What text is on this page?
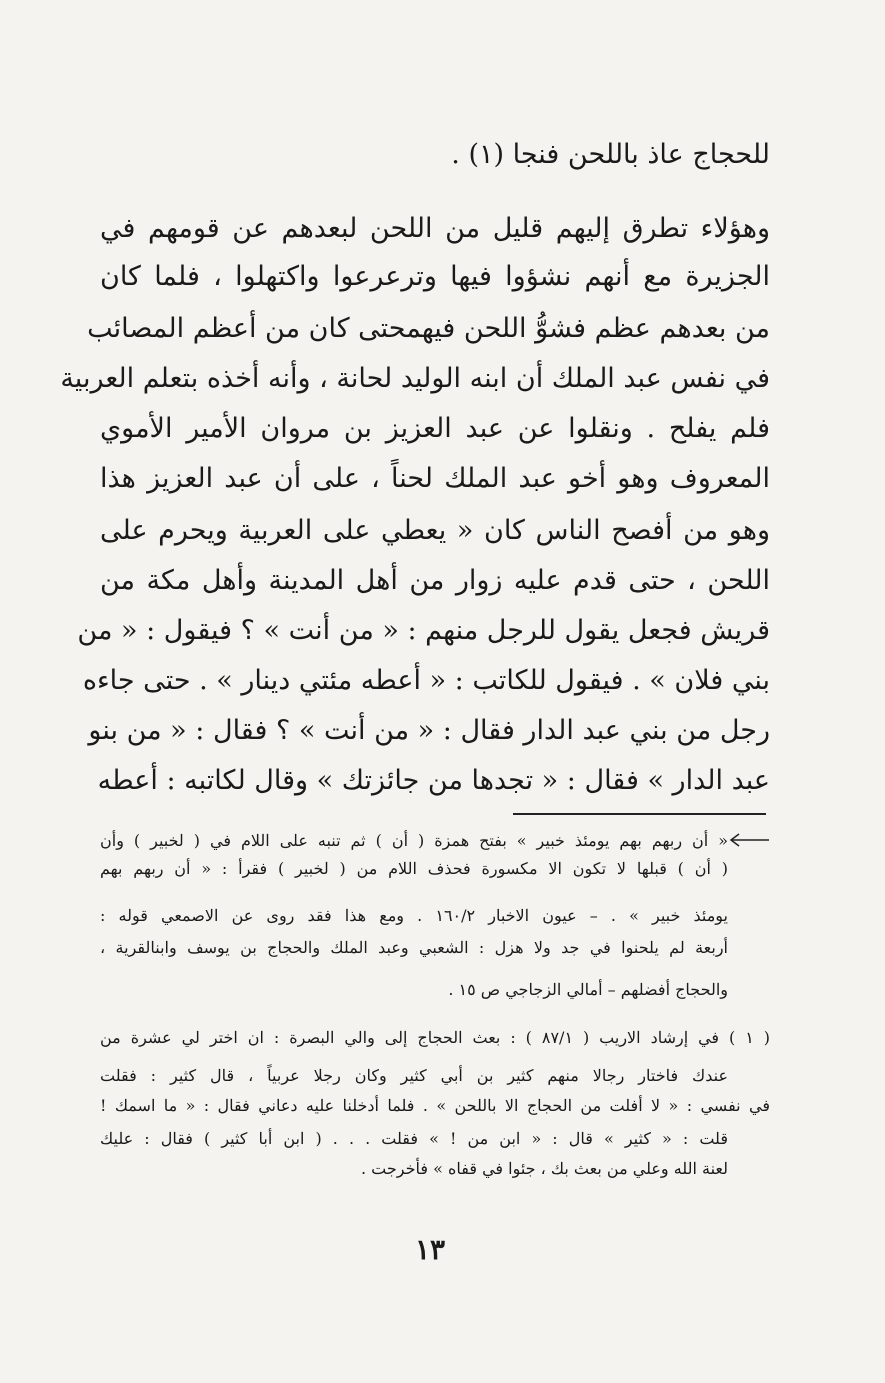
للحجاج عاذ باللحن فنجا (١) .
وهؤلاء تطرق إليهم قليل من اللحن لبعدهم عن قومهم في
الجزيرة مع أنهم نشؤوا فيها وترعرعوا واكتهلوا ، فلما كان
من بعدهم عظم فشوُّ اللحن فيهمحتى كان من أعظم المصائب
في نفس عبد الملك أن ابنه الوليد لحانة ، وأنه أخذه بتعلم العربية
فلم يفلح . ونقلوا عن عبد العزيز بن مروان الأمير الأموي
المعروف وهو أخو عبد الملك لحناً ، على أن عبد العزيز هذا
وهو من أفصح الناس كان « يعطي على العربية ويحرم على
اللحن ، حتى قدم عليه زوار من أهل المدينة وأهل مكة من
قريش فجعل يقول للرجل منهم : « من أنت » ؟ فيقول : « من
بني فلان » . فيقول للكاتب : « أعطه مئتي دينار » . حتى جاءه
رجل من بني عبد الدار فقال : « من أنت » ؟ فقال : « من بنو
عبد الدار » فقال : « تجدها من جائزتك » وقال لكاتبه : أعطه
« أن ربهم بهم يومئذ خبير » بفتح همزة ( أن ) ثم تنبه على اللام في ( لخبير ) وأن
( أن ) قبلها لا تكون الا مكسورة فحذف اللام من ( لخبير ) فقرأ : « أن ربهم بهم
يومئذ خبير » . – عيون الاخبار ١٦٠/٢ . ومع هذا فقد روى عن الاصمعي قوله :
أربعة لم يلحنوا في جد ولا هزل : الشعبي وعبد الملك والحجاج بن يوسف وابنالقرية ،
والحجاج أفضلهم – أمالي الزجاجي ص ١٥ .
( ١ ) في إرشاد الاريب ( ٨٧/١ ) : بعث الحجاج إلى والي البصرة : ان اختر لي عشرة من
عندك فاختار رجالا منهم كثير بن أبي كثير وكان رجلا عربياً ، قال كثير : فقلت
في نفسي : « لا أفلت من الحجاج الا باللحن » . فلما أدخلنا عليه دعاني فقال : « ما اسمك !
قلت : « كثير » قال : « ابن من ! » فقلت . . . ( ابن أبا كثير ) فقال : عليك
لعنة الله وعلي من بعث بك ، جئوا في قفاه » فأخرجت .
١٣
